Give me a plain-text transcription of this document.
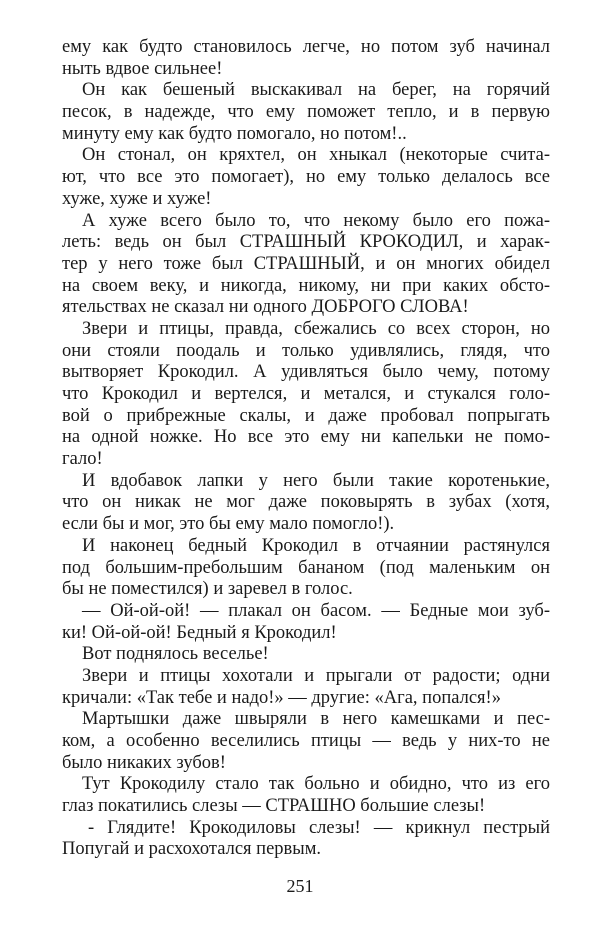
ему как будто становилось легче, но потом зуб начинал
ныть вдвое сильнее!
Он как бешеный выскакивал на берег, на горячий
песок, в надежде, что ему поможет тепло, и в первую
минуту ему как будто помогало, но потом!..
Он стонал, он кряхтел, он хныкал (некоторые счита-
ют, что все это помогает), но ему только делалось все
хуже, хуже и хуже!
А хуже всего было то, что некому было его пожа-
леть: ведь он был СТРАШНЫЙ КРОКОДИЛ, и харак-
тер у него тоже был СТРАШНЫЙ, и он многих обидел
на своем веку, и никогда, никому, ни при каких обсто-
ятельствах не сказал ни одного ДОБРОГО СЛОВА!
Звери и птицы, правда, сбежались со всех сторон, но
они стояли поодаль и только удивлялись, глядя, что
вытворяет Крокодил. А удивляться было чему, потому
что Крокодил и вертелся, и метался, и стукался голо-
вой о прибрежные скалы, и даже пробовал попрыгать
на одной ножке. Но все это ему ни капельки не помо-
гало!
И вдобавок лапки у него были такие коротенькие,
что он никак не мог даже поковырять в зубах (хотя,
если бы и мог, это бы ему мало помогло!).
И наконец бедный Крокодил в отчаянии растянулся
под большим-пребольшим бананом (под маленьким он
бы не поместился) и заревел в голос.
— Ой-ой-ой! — плакал он басом. — Бедные мои зуб-
ки! Ой-ой-ой! Бедный я Крокодил!
Вот поднялось веселье!
Звери и птицы хохотали и прыгали от радости; одни
кричали: «Так тебе и надо!» — другие: «Ага, попался!»
Мартышки даже швыряли в него камешками и пес-
ком, а особенно веселились птицы — ведь у них-то не
было никаких зубов!
Тут Крокодилу стало так больно и обидно, что из его
глаз покатились слезы — СТРАШНО большие слезы!
- Глядите! Крокодиловы слезы! — крикнул пестрый
Попугай и расхохотался первым.
251
